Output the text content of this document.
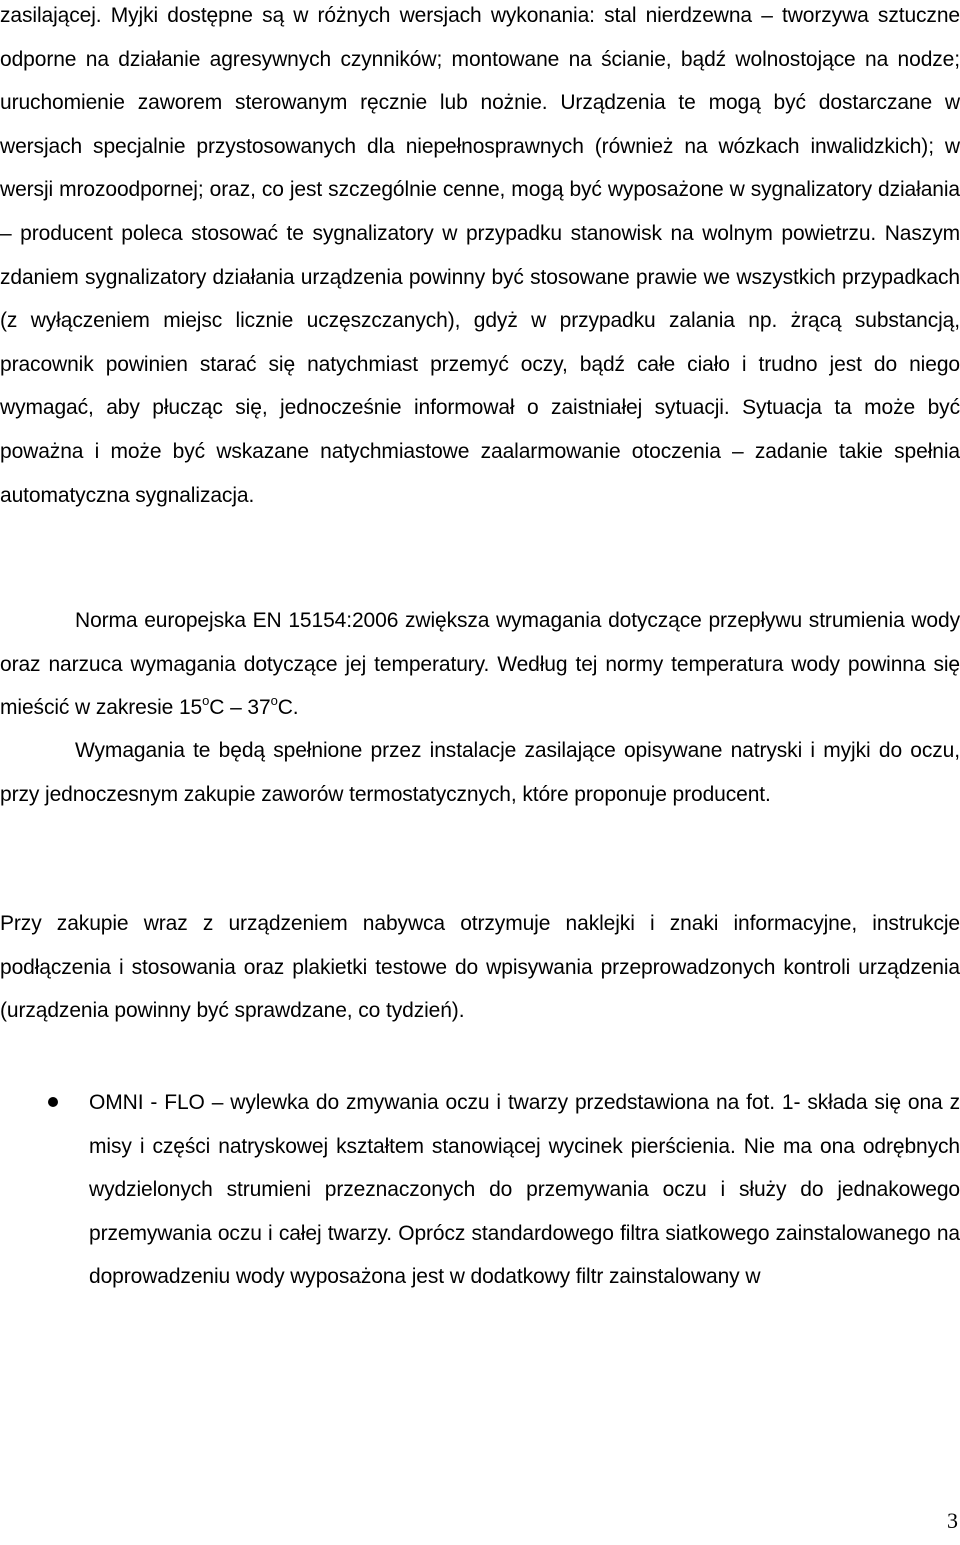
zasilającej. Myjki dostępne są w różnych wersjach wykonania: stal nierdzewna – tworzywa sztuczne odporne na działanie agresywnych czynników; montowane na ścianie, bądź wolnostojące na nodze; uruchomienie zaworem sterowanym ręcznie lub nożnie. Urządzenia te mogą być dostarczane w wersjach specjalnie przystosowanych dla niepełnosprawnych (również na wózkach inwalidzkich); w wersji mrozoodpornej; oraz, co jest szczególnie cenne, mogą być wyposażone w sygnalizatory działania – producent poleca stosować te sygnalizatory w przypadku stanowisk na wolnym powietrzu. Naszym zdaniem sygnalizatory działania urządzenia powinny być stosowane prawie we wszystkich przypadkach (z wyłączeniem miejsc licznie uczęszczanych), gdyż w przypadku zalania np. żrącą substancją, pracownik powinien starać się natychmiast przemyć oczy, bądź całe ciało i trudno jest do niego wymagać, aby płucząc się, jednocześnie informował o zaistniałej sytuacji. Sytuacja ta może być poważna i może być wskazane natychmiastowe zaalarmowanie otoczenia – zadanie takie spełnia automatyczna sygnalizacja.

Norma europejska EN 15154:2006 zwiększa wymagania dotyczące przepływu strumienia wody oraz narzuca wymagania dotyczące jej temperatury. Według tej normy temperatura wody powinna się mieścić w zakresie 15$^o$C – 37$^o$C.

Wymagania te będą spełnione przez instalacje zasilające opisywane natryski i myjki do oczu, przy jednoczesnym zakupie zaworów termostatycznych, które proponuje producent.

Przy zakupie wraz z urządzeniem nabywca otrzymuje naklejki i znaki informacyjne, instrukcje podłączenia i stosowania oraz plakietki testowe do wpisywania przeprowadzonych kontroli urządzenia (urządzenia powinny być sprawdzane, co tydzień).

OMNI - FLO – wylewka do zmywania oczu i twarzy przedstawiona na fot. 1- składa się ona z misy i części natryskowej kształtem stanowiącej wycinek pierścienia. Nie ma ona odrębnych wydzielonych strumieni przeznaczonych do przemywania oczu i służy do jednakowego przemywania oczu i całej twarzy. Oprócz standardowego filtra siatkowego zainstalowanego na doprowadzeniu wody wyposażona jest w dodatkowy filtr zainstalowany w
3
